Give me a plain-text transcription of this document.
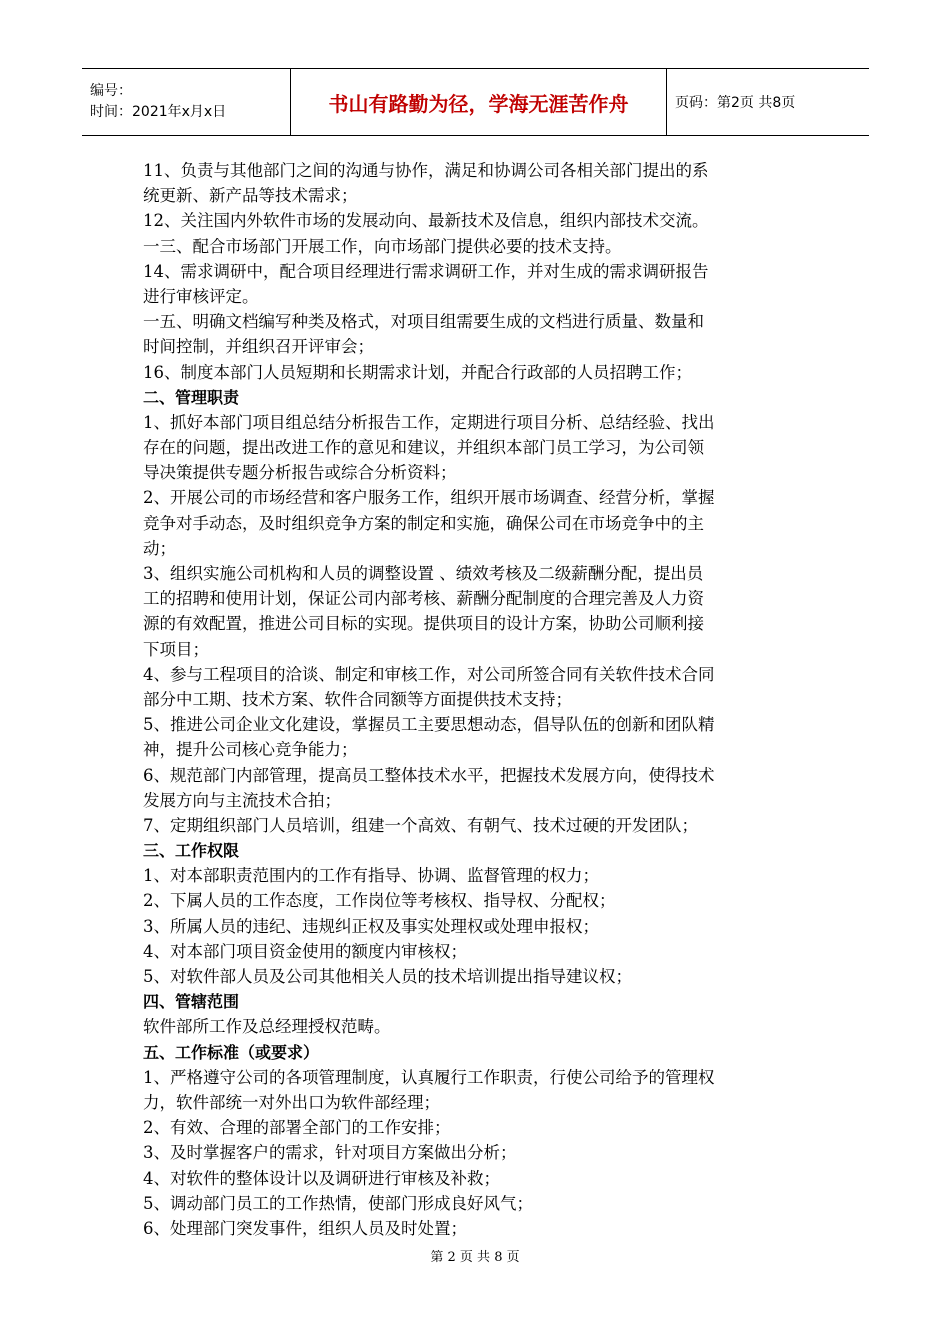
编号：
时间：2021年x月x日	书山有路勤为径，学海无涯苦作舟	页码：第2页 共8页
11、负责与其他部门之间的沟通与协作，满足和协调公司各相关部门提出的系
统更新、新产品等技术需求；
12、关注国内外软件市场的发展动向、最新技术及信息，组织内部技术交流。
一三、配合市场部门开展工作，向市场部门提供必要的技术支持。
14、需求调研中，配合项目经理进行需求调研工作，并对生成的需求调研报告
进行审核评定。
一五、明确文档编写种类及格式，对项目组需要生成的文档进行质量、数量和
时间控制，并组织召开评审会；
16、制度本部门人员短期和长期需求计划，并配合行政部的人员招聘工作；
二、管理职责
1、抓好本部门项目组总结分析报告工作，定期进行项目分析、总结经验、找出
存在的问题，提出改进工作的意见和建议，并组织本部门员工学习，为公司领
导决策提供专题分析报告或综合分析资料；
2、开展公司的市场经营和客户服务工作，组织开展市场调查、经营分析，掌握
竞争对手动态，及时组织竞争方案的制定和实施，确保公司在市场竞争中的主
动；
3、组织实施公司机构和人员的调整设置 、绩效考核及二级薪酬分配，提出员
工的招聘和使用计划，保证公司内部考核、薪酬分配制度的合理完善及人力资
源的有效配置，推进公司目标的实现。提供项目的设计方案，协助公司顺利接
下项目；
4、参与工程项目的洽谈、制定和审核工作，对公司所签合同有关软件技术合同
部分中工期、技术方案、软件合同额等方面提供技术支持；
5、推进公司企业文化建设，掌握员工主要思想动态，倡导队伍的创新和团队精
神，提升公司核心竞争能力；
6、规范部门内部管理，提高员工整体技术水平，把握技术发展方向，使得技术
发展方向与主流技术合拍；
7、定期组织部门人员培训，组建一个高效、有朝气、技术过硬的开发团队；
三、工作权限
1、对本部职责范围内的工作有指导、协调、监督管理的权力；
2、下属人员的工作态度，工作岗位等考核权、指导权、分配权；
3、所属人员的违纪、违规纠正权及事实处理权或处理申报权；
4、对本部门项目资金使用的额度内审核权；
5、对软件部人员及公司其他相关人员的技术培训提出指导建议权；
四、管辖范围
软件部所工作及总经理授权范畴。
五、工作标准（或要求）
1、严格遵守公司的各项管理制度，认真履行工作职责，行使公司给予的管理权
力，软件部统一对外出口为软件部经理；
2、有效、合理的部署全部门的工作安排；
3、及时掌握客户的需求，针对项目方案做出分析；
4、对软件的整体设计以及调研进行审核及补救；
5、调动部门员工的工作热情，使部门形成良好风气；
6、处理部门突发事件，组织人员及时处置；
第 2 页 共 8 页
